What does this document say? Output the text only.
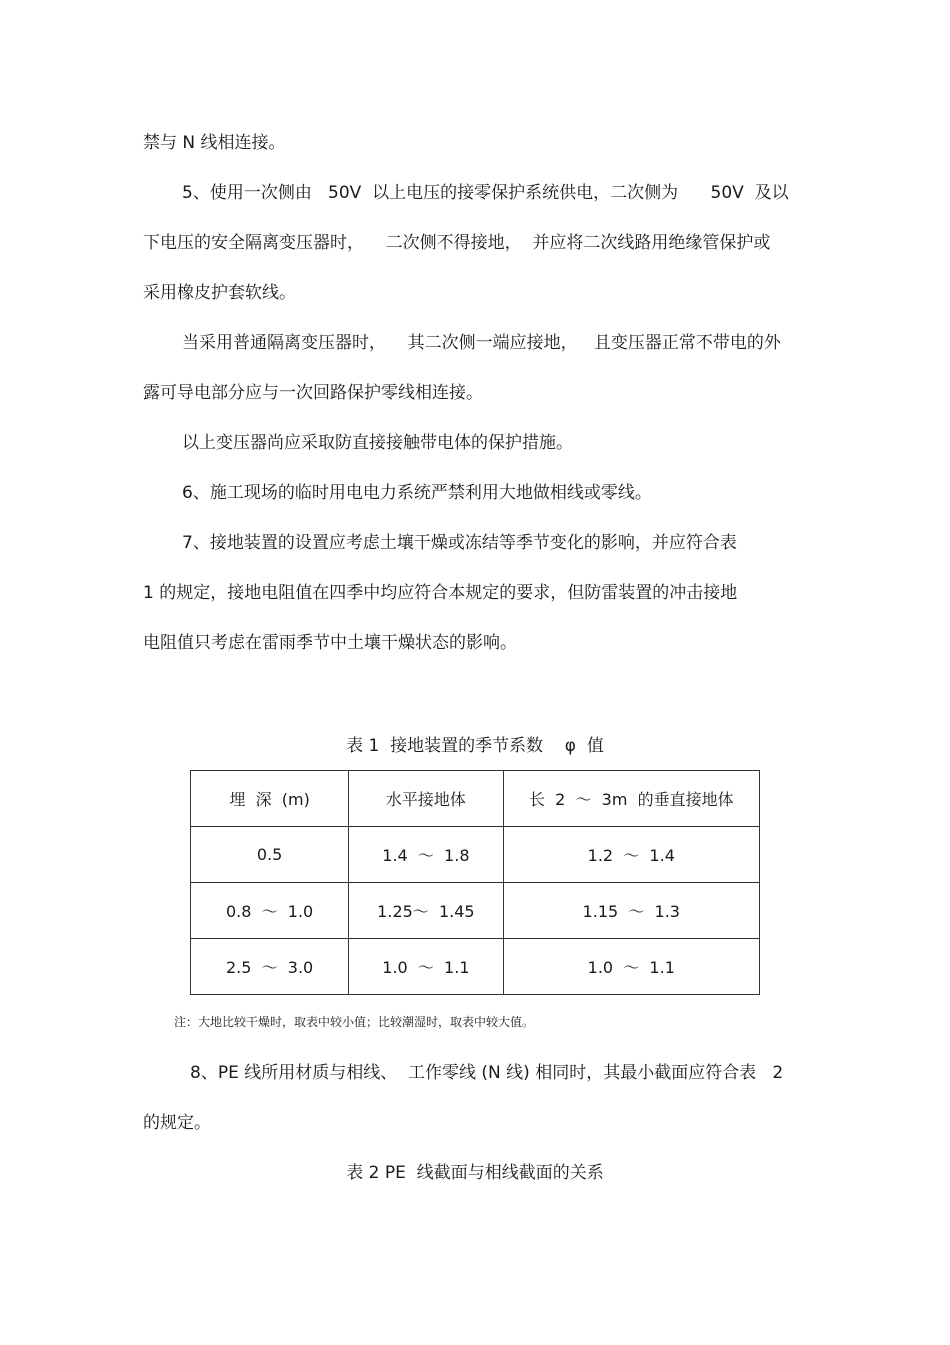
禁与 N 线相连接。
5、使用一次侧由   50V  以上电压的接零保护系统供电，二次侧为      50V  及以
下电压的安全隔离变压器时，    二次侧不得接地，  并应将二次线路用绝缘管保护或
采用橡皮护套软线。
当采用普通隔离变压器时，    其二次侧一端应接地，   且变压器正常不带电的外
露可导电部分应与一次回路保护零线相连接。
以上变压器尚应采取防直接接触带电体的保护措施。
6、施工现场的临时用电电力系统严禁利用大地做相线或零线。
7、接地装置的设置应考虑土壤干燥或冻结等季节变化的影响，并应符合表
1 的规定，接地电阻值在四季中均应符合本规定的要求，但防雷装置的冲击接地
电阻值只考虑在雷雨季节中土壤干燥状态的影响。
表 1  接地装置的季节系数    φ  值
埋  深  (m)	水平接地体	长  2  ～  3m  的垂直接地体
0.5	1.4  ～  1.8	1.2  ～  1.4
0.8  ～  1.0	1.25～  1.45	1.15  ～  1.3
2.5  ～  3.0	1.0  ～  1.1	1.0  ～  1.1
注：大地比较干燥时，取表中较小值；比较潮湿时，取表中较大值。
8、PE 线所用材质与相线、  工作零线 (N 线) 相同时，其最小截面应符合表   2
的规定。
表 2 PE  线截面与相线截面的关系
